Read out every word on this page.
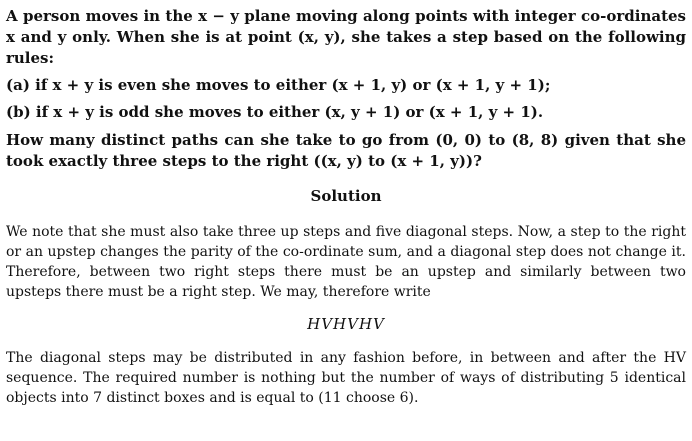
A person moves in the x − y plane moving along points with integer co-ordinates x and y only. When she is at point (x, y), she takes a step based on the following rules:

(a) if x + y is even she moves to either (x + 1, y) or (x + 1, y + 1);

(b) if x + y is odd she moves to either (x, y + 1) or (x + 1, y + 1).

How many distinct paths can she take to go from (0, 0) to (8, 8) given that she took exactly three steps to the right ((x, y) to (x + 1, y))?

Solution

We note that she must also take three up steps and five diagonal steps. Now, a step to the right or an upstep changes the parity of the co-ordinate sum, and a diagonal step does not change it. Therefore, between two right steps there must be an upstep and similarly between two upsteps there must be a right step. We may, therefore write

HVHVHV

The diagonal steps may be distributed in any fashion before, in between and after the HV sequence. The required number is nothing but the number of ways of distributing 5 identical objects into 7 distinct boxes and is equal to (11 choose 6).
